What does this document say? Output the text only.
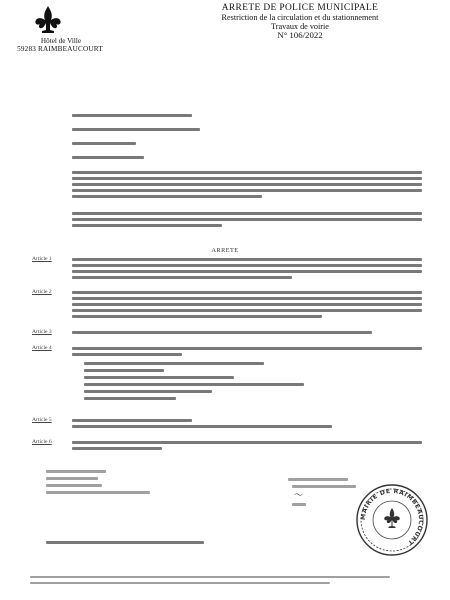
Hôtel de Ville
59283 RAIMBEAUCOURT
ARRETE DE POLICE MUNICIPALE
Restriction de la circulation et du stationnement
Travaux de voirie
N° 106/2022
ARRETE
Article 1
Article 2
Article 3
Article 4
Article 5
Article 6
〜
MAIRIE DE RAIMBEAUCOURT
